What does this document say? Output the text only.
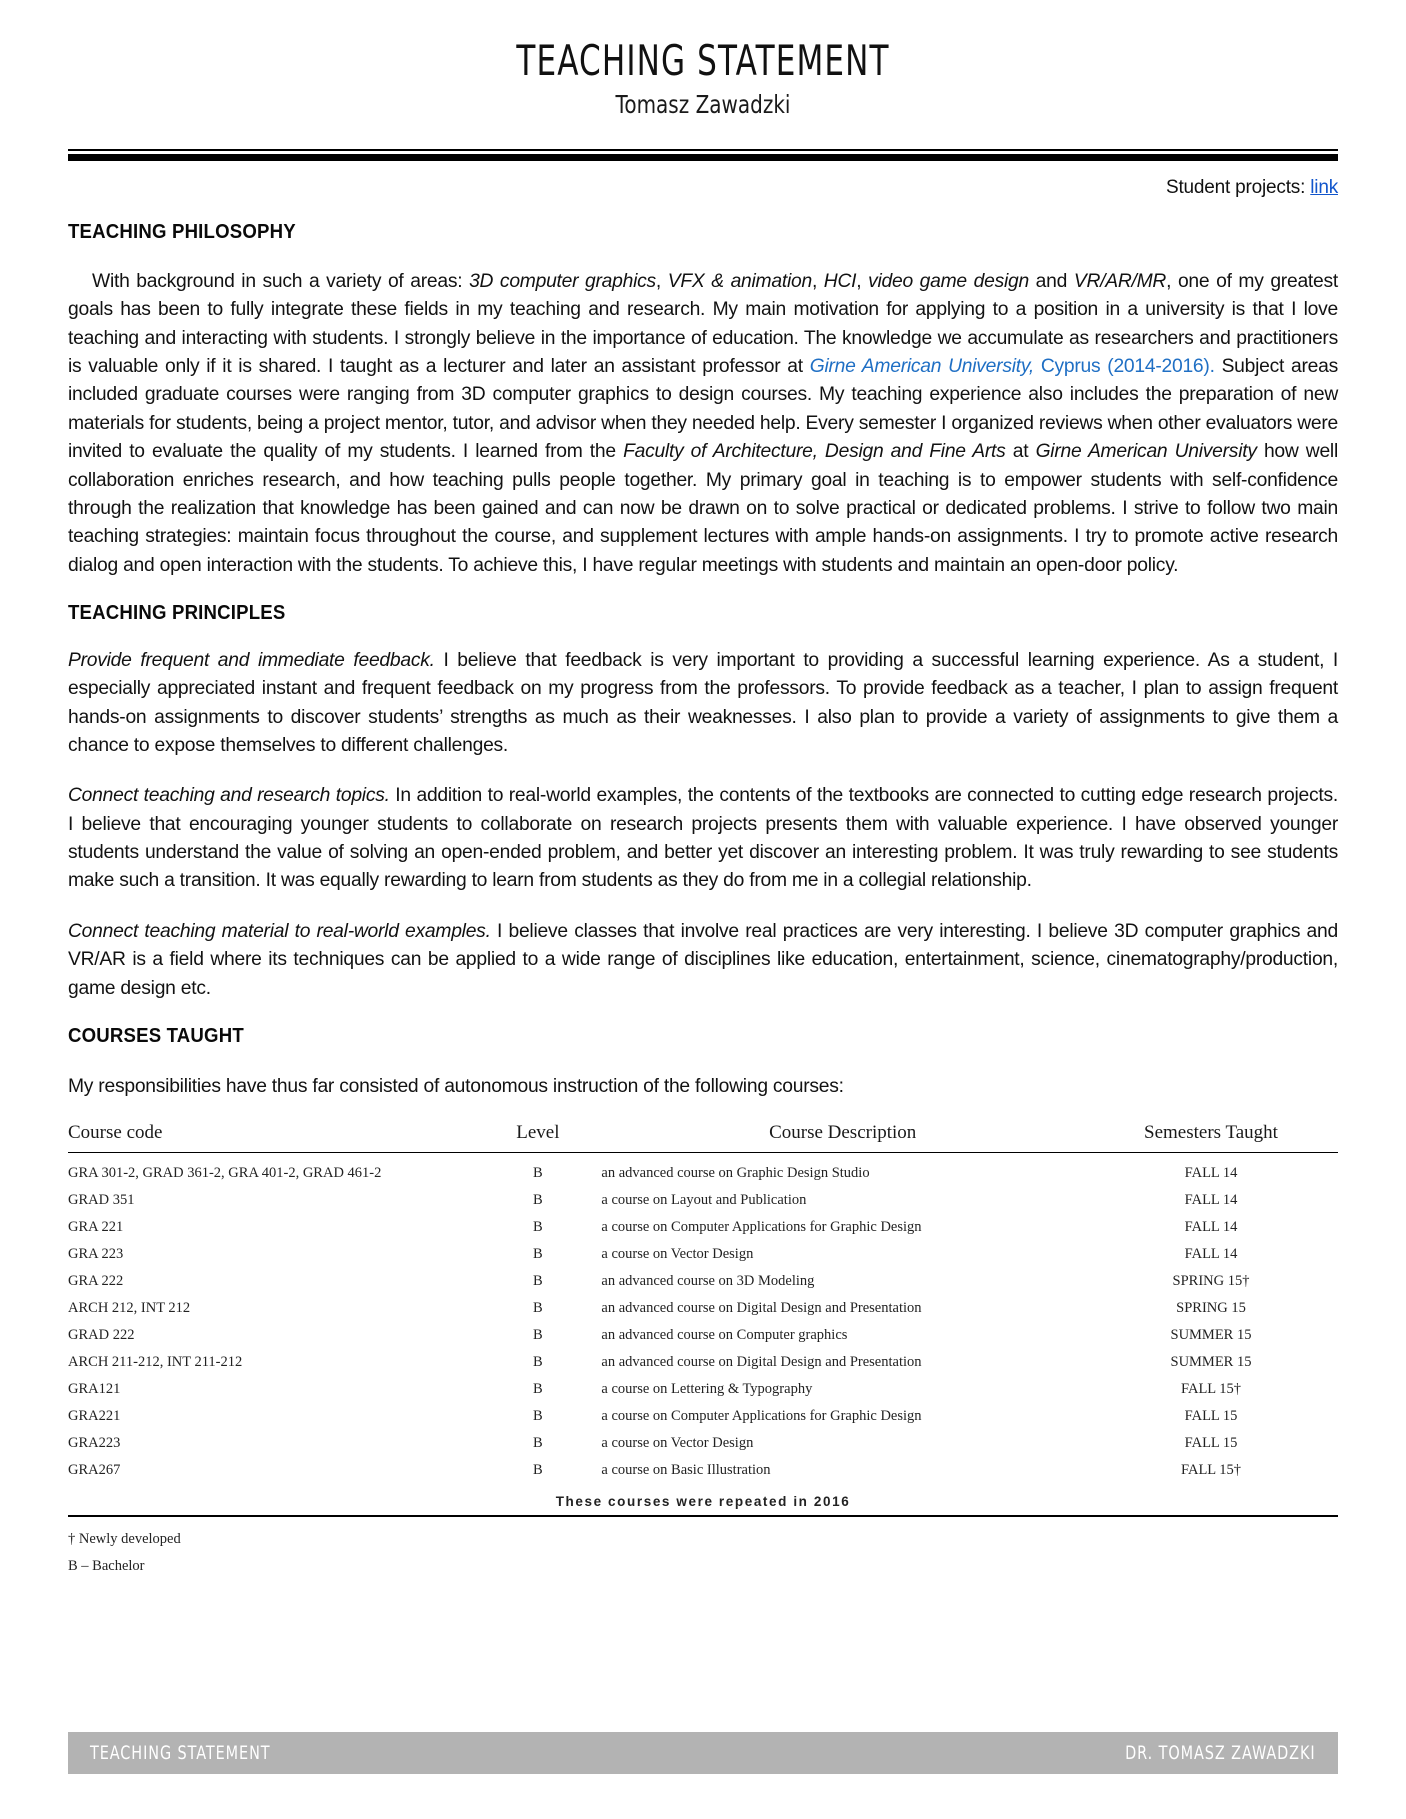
TEACHING STATEMENT
Tomasz Zawadzki
Student projects: link
TEACHING PHILOSOPHY

With background in such a variety of areas: 3D computer graphics, VFX & animation, HCI, video game design and VR/AR/MR, one of my greatest goals has been to fully integrate these fields in my teaching and research. My main motivation for applying to a position in a university is that I love teaching and interacting with students. I strongly believe in the importance of education. The knowledge we accumulate as researchers and practitioners is valuable only if it is shared. I taught as a lecturer and later an assistant professor at Girne American University, Cyprus (2014-2016). Subject areas included graduate courses were ranging from 3D computer graphics to design courses. My teaching experience also includes the preparation of new materials for students, being a project mentor, tutor, and advisor when they needed help. Every semester I organized reviews when other evaluators were invited to evaluate the quality of my students. I learned from the Faculty of Architecture, Design and Fine Arts at Girne American University how well collaboration enriches research, and how teaching pulls people together. My primary goal in teaching is to empower students with self-confidence through the realization that knowledge has been gained and can now be drawn on to solve practical or dedicated problems. I strive to follow two main teaching strategies: maintain focus throughout the course, and supplement lectures with ample hands-on assignments. I try to promote active research dialog and open interaction with the students. To achieve this, I have regular meetings with students and maintain an open-door policy.

TEACHING PRINCIPLES

Provide frequent and immediate feedback. I believe that feedback is very important to providing a successful learning experience. As a student, I especially appreciated instant and frequent feedback on my progress from the professors. To provide feedback as a teacher, I plan to assign frequent hands-on assignments to discover students’ strengths as much as their weaknesses. I also plan to provide a variety of assignments to give them a chance to expose themselves to different challenges.

Connect teaching and research topics. In addition to real-world examples, the contents of the textbooks are connected to cutting edge research projects. I believe that encouraging younger students to collaborate on research projects presents them with valuable experience. I have observed younger students understand the value of solving an open-ended problem, and better yet discover an interesting problem. It was truly rewarding to see students make such a transition. It was equally rewarding to learn from students as they do from me in a collegial relationship.

Connect teaching material to real-world examples. I believe classes that involve real practices are very interesting. I believe 3D computer graphics and VR/AR is a field where its techniques can be applied to a wide range of disciplines like education, entertainment, science, cinematography/production, game design etc.

COURSES TAUGHT

My responsibilities have thus far consisted of autonomous instruction of the following courses:

Course code	Level	Course Description	Semesters Taught
GRA 301-2, GRAD 361-2, GRA 401-2, GRAD 461-2	B	an advanced course on Graphic Design Studio	FALL 14
GRAD 351	B	a course on Layout and Publication	FALL 14
GRA 221	B	a course on Computer Applications for Graphic Design	FALL 14
GRA 223	B	a course on Vector Design	FALL 14
GRA 222	B	an advanced course on 3D Modeling	SPRING 15†
ARCH 212, INT 212	B	an advanced course on Digital Design and Presentation	SPRING 15
GRAD 222	B	an advanced course on Computer graphics	SUMMER 15
ARCH 211-212, INT 211-212	B	an advanced course on Digital Design and Presentation	SUMMER 15
GRA121	B	a course on Lettering & Typography	FALL 15†
GRA221	B	a course on Computer Applications for Graphic Design	FALL 15
GRA223	B	a course on Vector Design	FALL 15
GRA267	B	a course on Basic Illustration	FALL 15†
These courses were repeated in 2016			
† Newly developed
B – Bachelor
TEACHING STATEMENT	DR. TOMASZ ZAWADZKI
